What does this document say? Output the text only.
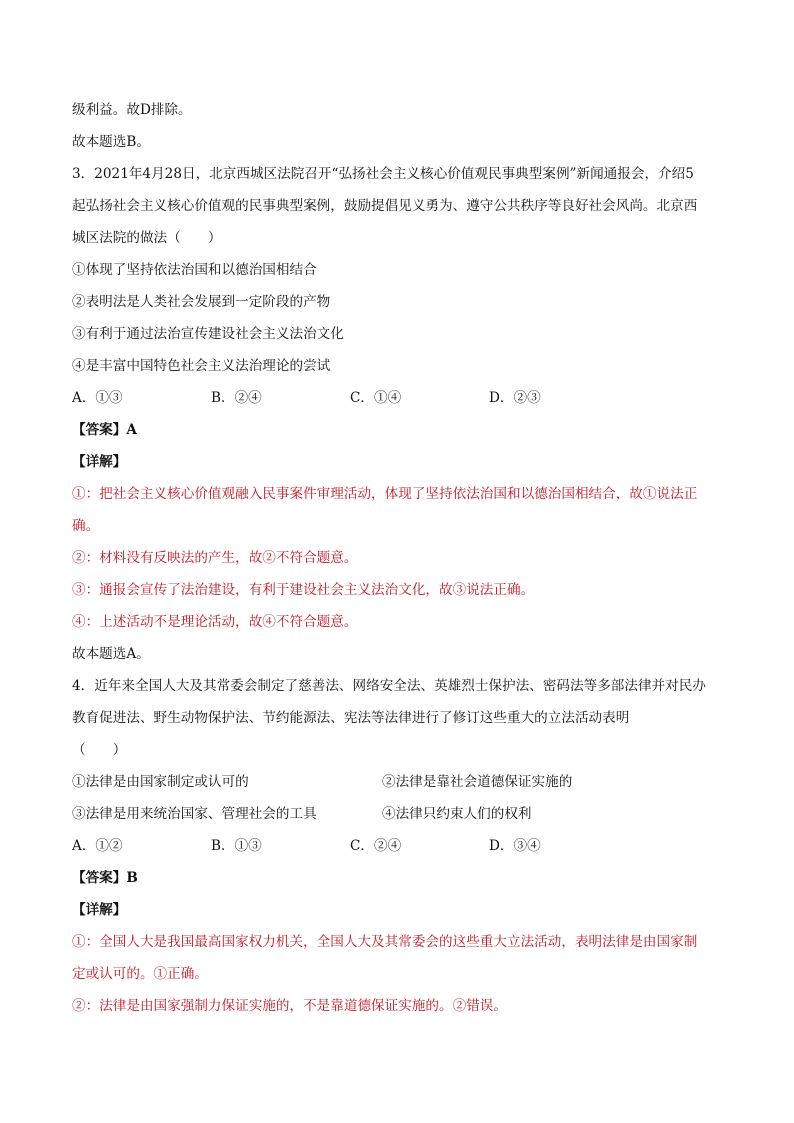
级利益。故D排除。
故本题选B。
3．2021年4月28日，北京西城区法院召开“弘扬社会主义核心价值观民事典型案例”新闻通报会，介绍5
起弘扬社会主义核心价值观的民事典型案例，鼓励提倡见义勇为、遵守公共秩序等良好社会风尚。北京西
城区法院的做法（　　）
①体现了坚持依法治国和以德治国相结合
②表明法是人类社会发展到一定阶段的产物
③有利于通过法治宣传建设社会主义法治文化
④是丰富中国特色社会主义法治理论的尝试
A．①③	B．②④	C．①④	D．②③
【答案】A
【详解】
①：把社会主义核心价值观融入民事案件审理活动，体现了坚持依法治国和以德治国相结合，故①说法正
确。
②：材料没有反映法的产生，故②不符合题意。
③：通报会宣传了法治建设，有利于建设社会主义法治文化，故③说法正确。
④：上述活动不是理论活动，故④不符合题意。
故本题选A。
4．近年来全国人大及其常委会制定了慈善法、网络安全法、英雄烈士保护法、密码法等多部法律并对民办
教育促进法、野生动物保护法、节约能源法、宪法等法律进行了修订这些重大的立法活动表明
（　　）
①法律是由国家制定或认可的	②法律是靠社会道德保证实施的
③法律是用来统治国家、管理社会的工具	④法律只约束人们的权利
A．①②	B．①③	C．②④	D．③④
【答案】B
【详解】
①：全国人大是我国最高国家权力机关，全国人大及其常委会的这些重大立法活动，表明法律是由国家制
定或认可的。①正确。
②：法律是由国家强制力保证实施的，不是靠道德保证实施的。②错误。
